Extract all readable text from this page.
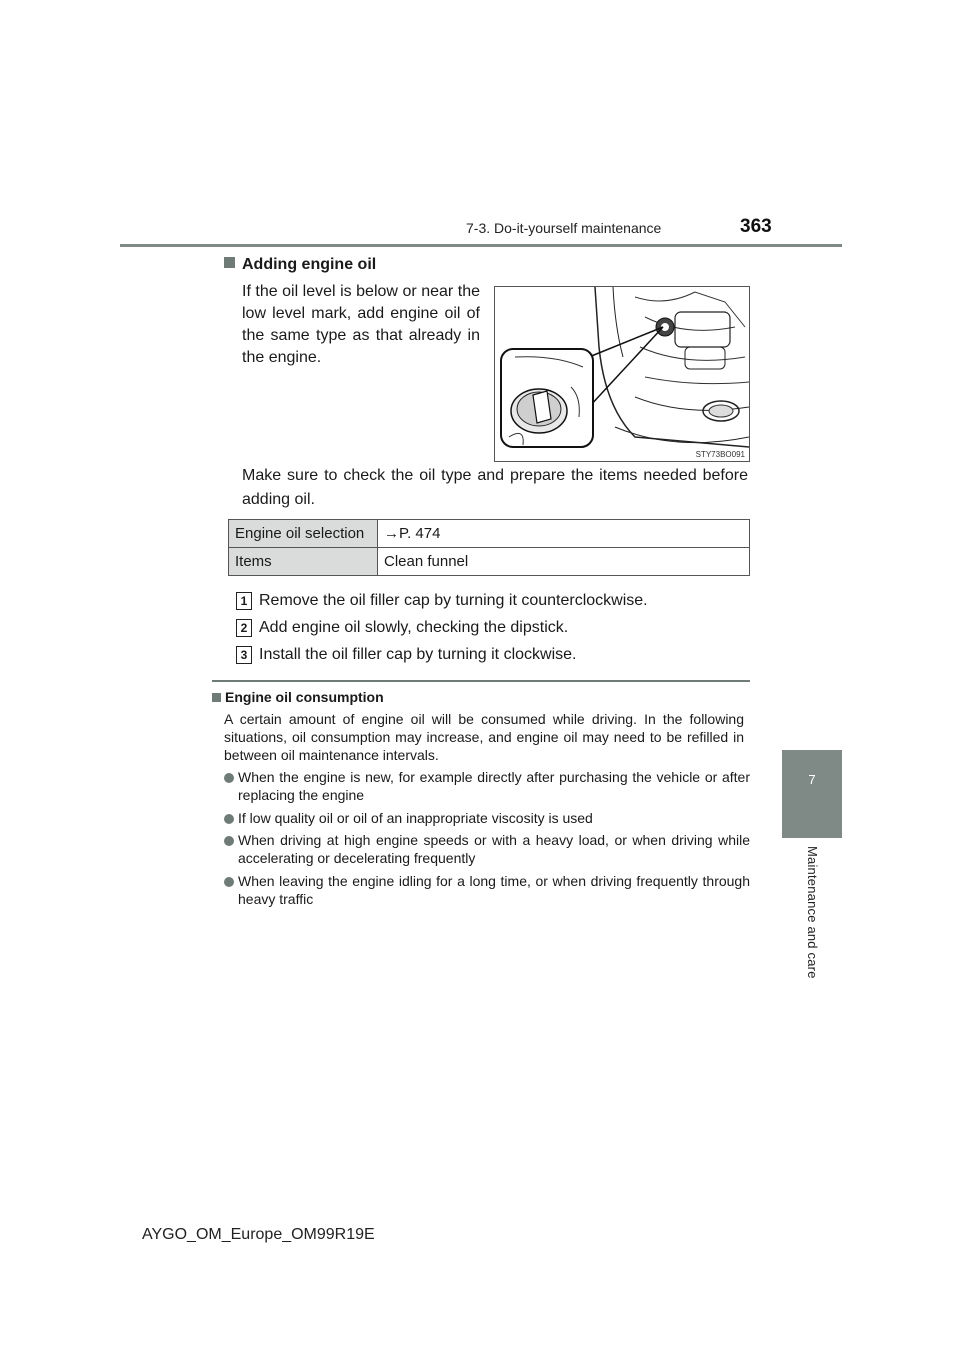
7-3. Do-it-yourself maintenance	363
7
Maintenance and care
Adding engine oil
If the oil level is below or near the low level mark, add engine oil of the same type as that already in the engine.
STY73BO091
Make sure to check the oil type and prepare the items needed before adding oil.
Engine oil selection	→P. 474
Items	Clean funnel
1 Remove the oil filler cap by turning it counterclockwise.
2 Add engine oil slowly, checking the dipstick.
3 Install the oil filler cap by turning it clockwise.
Engine oil consumption
A certain amount of engine oil will be consumed while driving. In the following situations, oil consumption may increase, and engine oil may need to be refilled in between oil maintenance intervals.
When the engine is new, for example directly after purchasing the vehicle or after replacing the engine
If low quality oil or oil of an inappropriate viscosity is used
When driving at high engine speeds or with a heavy load, or when driving while accelerating or decelerating frequently
When leaving the engine idling for a long time, or when driving frequently through heavy traffic
AYGO_OM_Europe_OM99R19E
